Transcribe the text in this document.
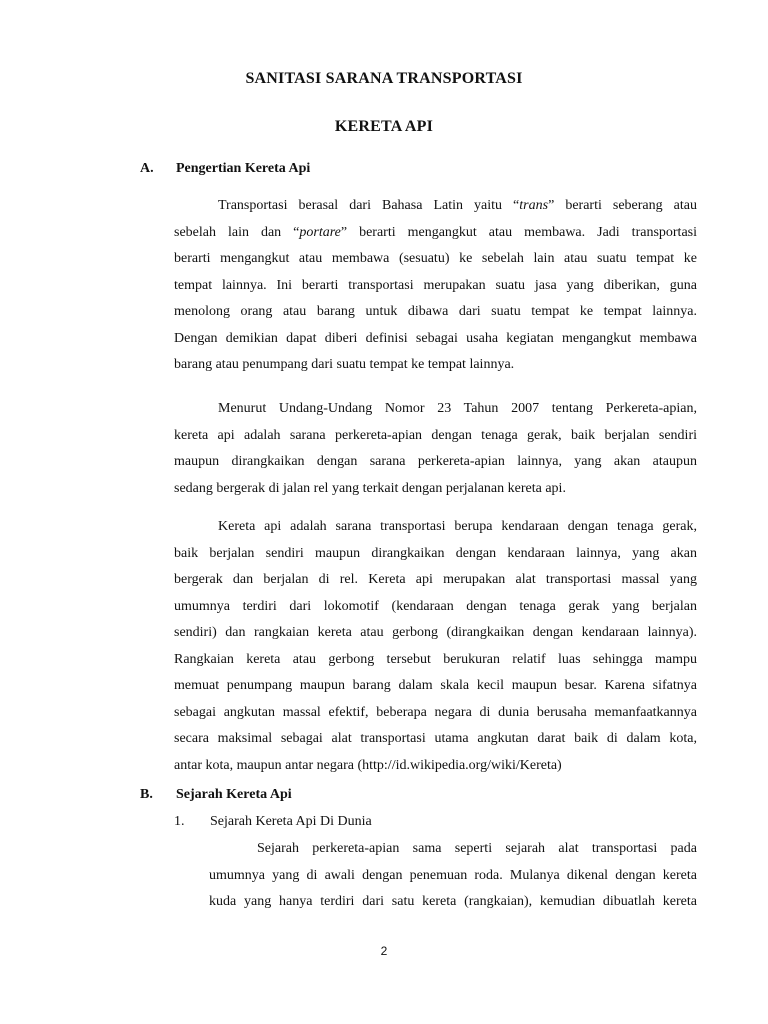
SANITASI SARANA TRANSPORTASI
KERETA API
A. Pengertian Kereta Api
Transportasi berasal dari Bahasa Latin yaitu “trans” berarti seberang atau
sebelah lain dan “portare” berarti mengangkut atau membawa. Jadi transportasi
berarti mengangkut atau membawa (sesuatu) ke sebelah lain atau suatu tempat ke
tempat lainnya. Ini berarti transportasi merupakan suatu jasa yang diberikan, guna
menolong orang atau barang untuk dibawa dari suatu tempat ke tempat lainnya.
Dengan demikian dapat diberi definisi sebagai usaha kegiatan mengangkut membawa
barang atau penumpang dari suatu tempat ke tempat lainnya.
Menurut Undang-Undang Nomor 23 Tahun 2007 tentang Perkereta-apian,
kereta api adalah sarana perkereta-apian dengan tenaga gerak, baik berjalan sendiri
maupun dirangkaikan dengan sarana perkereta-apian lainnya, yang akan ataupun
sedang bergerak di jalan rel yang terkait dengan perjalanan kereta api.
Kereta api adalah sarana transportasi berupa kendaraan dengan tenaga gerak,
baik berjalan sendiri maupun dirangkaikan dengan kendaraan lainnya, yang akan
bergerak dan berjalan di rel. Kereta api merupakan alat transportasi massal yang
umumnya terdiri dari lokomotif (kendaraan dengan tenaga gerak yang berjalan
sendiri) dan rangkaian kereta atau gerbong (dirangkaikan dengan kendaraan lainnya).
Rangkaian kereta atau gerbong tersebut berukuran relatif luas sehingga mampu
memuat penumpang maupun barang dalam skala kecil maupun besar. Karena sifatnya
sebagai angkutan massal efektif, beberapa negara di dunia berusaha memanfaatkannya
secara maksimal sebagai alat transportasi utama angkutan darat baik di dalam kota,
antar kota, maupun antar negara (http://id.wikipedia.org/wiki/Kereta)
B. Sejarah Kereta Api
1. Sejarah Kereta Api Di Dunia
Sejarah perkereta-apian sama seperti sejarah alat transportasi pada
umumnya yang di awali dengan penemuan roda. Mulanya dikenal dengan kereta
kuda yang hanya terdiri dari satu kereta (rangkaian), kemudian dibuatlah kereta
2
